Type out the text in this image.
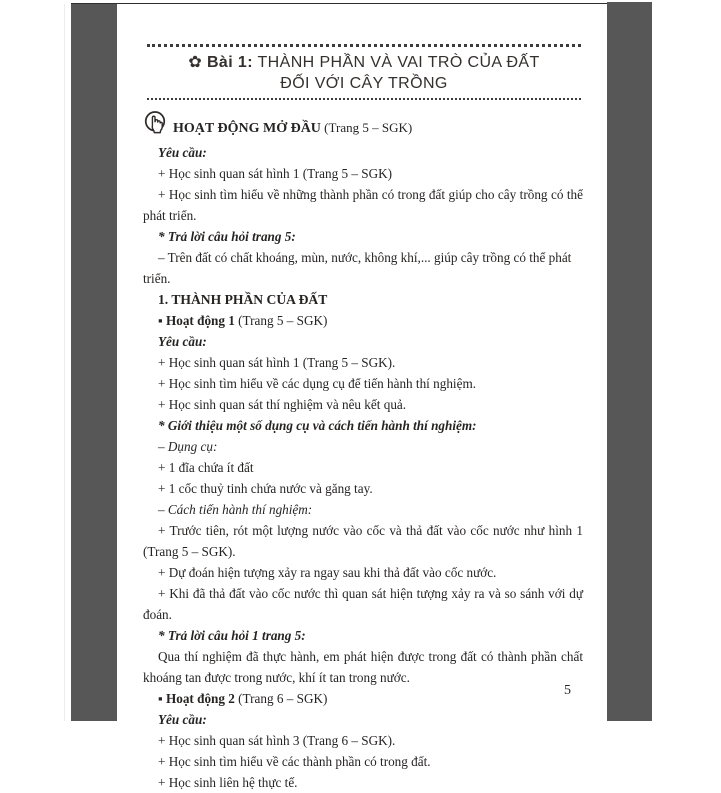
✿ Bài 1: THÀNH PHẦN VÀ VAI TRÒ CỦA ĐẤT
ĐỐI VỚI CÂY TRỒNG
HOẠT ĐỘNG MỞ ĐẦU (Trang 5 – SGK)

Yêu cầu:

+ Học sinh quan sát hình 1 (Trang 5 – SGK)

+ Học sinh tìm hiểu về những thành phần có trong đất giúp cho cây trồng có thể phát triển.

* Trả lời câu hỏi trang 5:

– Trên đất có chất khoáng, mùn, nước, không khí,... giúp cây trồng có thể phát triển.

1. THÀNH PHẦN CỦA ĐẤT

▪ Hoạt động 1 (Trang 5 – SGK)

Yêu cầu:

+ Học sinh quan sát hình 1 (Trang 5 – SGK).

+ Học sinh tìm hiểu về các dụng cụ để tiến hành thí nghiệm.

+ Học sinh quan sát thí nghiệm và nêu kết quả.

* Giới thiệu một số dụng cụ và cách tiến hành thí nghiệm:

– Dụng cụ:

+ 1 đĩa chứa ít đất

+ 1 cốc thuỷ tinh chứa nước và găng tay.

– Cách tiến hành thí nghiệm:

+ Trước tiên, rót một lượng nước vào cốc và thả đất vào cốc nước như hình 1 (Trang 5 – SGK).

+ Dự đoán hiện tượng xảy ra ngay sau khi thả đất vào cốc nước.

+ Khi đã thả đất vào cốc nước thì quan sát hiện tượng xảy ra và so sánh với dự đoán.

* Trả lời câu hỏi 1 trang 5:

Qua thí nghiệm đã thực hành, em phát hiện được trong đất có thành phần chất khoáng tan được trong nước, khí ít tan trong nước.

▪ Hoạt động 2 (Trang 6 – SGK)

Yêu cầu:

+ Học sinh quan sát hình 3 (Trang 6 – SGK).

+ Học sinh tìm hiểu về các thành phần có trong đất.

+ Học sinh liên hệ thực tế.

5
